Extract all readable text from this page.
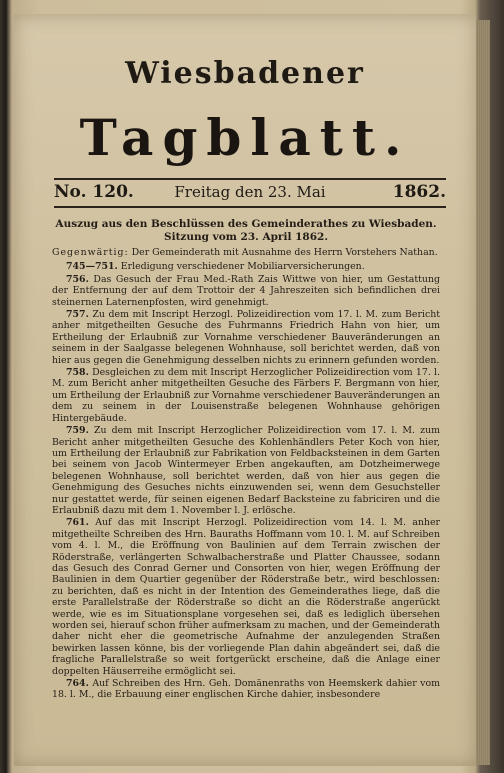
Wiesbadener
Tagblatt.
No. 120.	Freitag den 23. Mai	1862.
Auszug aus den Beschlüssen des Gemeinderathes zu Wiesbaden.
Sitzung vom 23. April 1862.
Gegenwärtig: Der Gemeinderath mit Ausnahme des Herrn Vorstehers Nathan.

745—751. Erledigung verschiedener Mobiliarversicherungen.

756. Das Gesuch der Frau Med.-Rath Zais Wittwe von hier, um Gestattung der Entfernung der auf dem Trottoir der 4 Jahreszeiten sich befindlichen drei steinernen Laternenpfosten, wird genehmigt.

757. Zu dem mit Inscript Herzogl. Polizeidirection vom 17. l. M. zum Bericht anher mitgetheilten Gesuche des Fuhrmanns Friedrich Hahn von hier, um Ertheilung der Erlaubniß zur Vornahme verschiedener Bauveränderungen an seinem in der Saalgasse belegenen Wohnhause, soll berichtet werden, daß von hier aus gegen die Genehmigung desselben nichts zu erinnern gefunden worden.

758. Desgleichen zu dem mit Inscript Herzoglicher Polizeidirection vom 17. l. M. zum Bericht anher mitgetheilten Gesuche des Färbers F. Bergmann von hier, um Ertheilung der Erlaubniß zur Vornahme verschiedener Bauveränderungen an dem zu seinem in der Louisenstraße belegenen Wohnhause gehörigen Hintergebäude.

759. Zu dem mit Inscript Herzoglicher Polizeidirection vom 17. l. M. zum Bericht anher mitgetheilten Gesuche des Kohlenhändlers Peter Koch von hier, um Ertheilung der Erlaubniß zur Fabrikation von Feldbacksteinen in dem Garten bei seinem von Jacob Wintermeyer Erben angekauften, am Dotzheimerwege belegenen Wohnhause, soll berichtet werden, daß von hier aus gegen die Genehmigung des Gesuches nichts einzuwenden sei, wenn dem Gesuchsteller nur gestattet werde, für seinen eigenen Bedarf Backsteine zu fabriciren und die Erlaubniß dazu mit dem 1. November l. J. erlösche.

761. Auf das mit Inscript Herzogl. Polizeidirection vom 14. l. M. anher mitgetheilte Schreiben des Hrn. Bauraths Hoffmann vom 10. l. M. auf Schreiben vom 4. l. M., die Eröffnung von Baulinien auf dem Terrain zwischen der Röderstraße, verlängerten Schwalbacherstraße und Platter Chaussee, sodann das Gesuch des Conrad Gerner und Consorten von hier, wegen Eröffnung der Baulinien in dem Quartier gegenüber der Röderstraße betr., wird beschlossen: zu berichten, daß es nicht in der Intention des Gemeinderathes liege, daß die erste Parallelstraße der Röderstraße so dicht an die Röderstraße angerückt werde, wie es im Situationsplane vorgesehen sei, daß es lediglich übersehen worden sei, hierauf schon früher aufmerksam zu machen, und der Gemeinderath daher nicht eher die geometrische Aufnahme der anzulegenden Straßen bewirken lassen könne, bis der vorliegende Plan dahin abgeändert sei, daß die fragliche Parallelstraße so weit fortgerückt erscheine, daß die Anlage einer doppelten Häuserreihe ermöglicht sei.

764. Auf Schreiben des Hrn. Geh. Domänenraths von Heemskerk dahier vom 18. l. M., die Erbauung einer englischen Kirche dahier, insbesondere
